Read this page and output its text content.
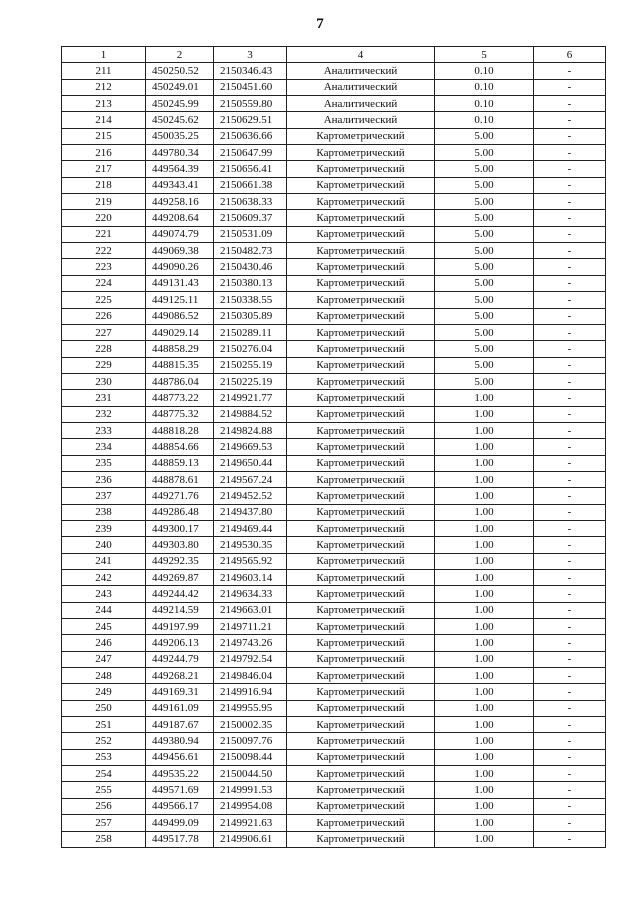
7
1	2	3	4	5	6
211	450250.52	2150346.43	Аналитический	0.10	-
212	450249.01	2150451.60	Аналитический	0.10	-
213	450245.99	2150559.80	Аналитический	0.10	-
214	450245.62	2150629.51	Аналитический	0.10	-
215	450035.25	2150636.66	Картометрический	5.00	-
216	449780.34	2150647.99	Картометрический	5.00	-
217	449564.39	2150656.41	Картометрический	5.00	-
218	449343.41	2150661.38	Картометрический	5.00	-
219	449258.16	2150638.33	Картометрический	5.00	-
220	449208.64	2150609.37	Картометрический	5.00	-
221	449074.79	2150531.09	Картометрический	5.00	-
222	449069.38	2150482.73	Картометрический	5.00	-
223	449090.26	2150430.46	Картометрический	5.00	-
224	449131.43	2150380.13	Картометрический	5.00	-
225	449125.11	2150338.55	Картометрический	5.00	-
226	449086.52	2150305.89	Картометрический	5.00	-
227	449029.14	2150289.11	Картометрический	5.00	-
228	448858.29	2150276.04	Картометрический	5.00	-
229	448815.35	2150255.19	Картометрический	5.00	-
230	448786.04	2150225.19	Картометрический	5.00	-
231	448773.22	2149921.77	Картометрический	1.00	-
232	448775.32	2149884.52	Картометрический	1.00	-
233	448818.28	2149824.88	Картометрический	1.00	-
234	448854.66	2149669.53	Картометрический	1.00	-
235	448859.13	2149650.44	Картометрический	1.00	-
236	448878.61	2149567.24	Картометрический	1.00	-
237	449271.76	2149452.52	Картометрический	1.00	-
238	449286.48	2149437.80	Картометрический	1.00	-
239	449300.17	2149469.44	Картометрический	1.00	-
240	449303.80	2149530.35	Картометрический	1.00	-
241	449292.35	2149565.92	Картометрический	1.00	-
242	449269.87	2149603.14	Картометрический	1.00	-
243	449244.42	2149634.33	Картометрический	1.00	-
244	449214.59	2149663.01	Картометрический	1.00	-
245	449197.99	2149711.21	Картометрический	1.00	-
246	449206.13	2149743.26	Картометрический	1.00	-
247	449244.79	2149792.54	Картометрический	1.00	-
248	449268.21	2149846.04	Картометрический	1.00	-
249	449169.31	2149916.94	Картометрический	1.00	-
250	449161.09	2149955.95	Картометрический	1.00	-
251	449187.67	2150002.35	Картометрический	1.00	-
252	449380.94	2150097.76	Картометрический	1.00	-
253	449456.61	2150098.44	Картометрический	1.00	-
254	449535.22	2150044.50	Картометрический	1.00	-
255	449571.69	2149991.53	Картометрический	1.00	-
256	449566.17	2149954.08	Картометрический	1.00	-
257	449499.09	2149921.63	Картометрический	1.00	-
258	449517.78	2149906.61	Картометрический	1.00	-
